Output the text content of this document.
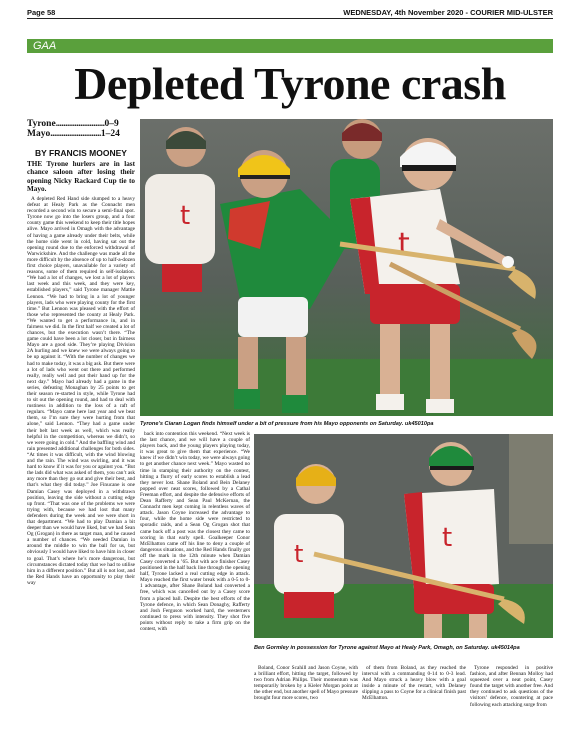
Page 58	WEDNESDAY, 4th November 2020 - COURIER MID-ULSTER
GAA
Depleted Tyrone crash
Tyrone..........................0–9
Mayo...........................1–24
BY FRANCIS MOONEY
THE Tyrone hurlers are in last chance saloon after losing their opening Nicky Rackard Cup tie to Mayo.

A depleted Red Hand side slumped to a heavy defeat at Healy Park as the Connacht men recorded a second win to secure a semi-final spot. Tyrone now go into the losers group, and a four county game this weekend to keep their title hopes alive. Mayo arrived in Omagh with the advantage of having a game already under their belts, while the home side went in cold, having sat out the opening round due to the enforced withdrawal of Warwickshire. And the challenge was made all the more difficult by the absence of up to half-a-dozen first choice players, unavailable for a variety of reasons, some of them required in self-isolation. “We had a lot of changes, we lost a lot of players last week and this week, and they were key, established players,” said Tyrone manager Mattie Lennon. “We had to bring in a lot of younger players, lads who were playing county for the first time.” But Lennon was pleased with the effort of those who represented the county at Healy Park. “We wanted to get a performance in, and in fairness we did. In the first half we created a lot of chances, but the execution wasn’t there. “The game could have been a lot closer, but in fairness Mayo are a good side. They’re playing Division 2A hurling and we knew we were always going to be up against it. “With the number of changes we had to make today, it was a big ask. But there were a lot of lads who went out there and performed really, really well and put their hand up for the next day.” Mayo had already had a game in the series, defeating Monaghan by 25 points to get their season re-started in style, while Tyrone had to sit out the opening round, and had to deal with rustiness in addition to the loss of a raft of regulars. “Mayo came here last year and we beat them, so I’m sure they were hurting from that alone,” said Lennon. “They had a game under their belt last week as well, which was really helpful in the competition, whereas we didn’t, so we were going in cold.” And the baffling wind and rain presented additional challenges for both sides. “At times it was difficult, with the wind blowing and the rain. The wind was swirling, and it was hard to know if it was for you or against you. “But the lads did what was asked of them, you can’t ask any more than they go out and give their best, and that’s what they did today.” Joe Finucane is one Damian Casey was deployed in a withdrawn position, leaving the side without a cutting edge up front. “That was one of the problems we were trying with, because we had lost that many defenders during the week and we were short in that department. “We had to play Damian a bit deeper than we would have liked, but we had Sean Og (Grogan) in there as target man, and he caused a number of chances. “We needed Damian in around the middle to win the ball for us, but obviously I would have liked to have him in closer to goal. That’s where he’s more dangerous, but circumstances dictated today that we had to utilise him in a different position.” But all is not lost, and the Red Hands have an opportunity to play their way

back into contention this weekend. “Next week is the last chance, and we will have a couple of players back, and the young players playing today, it was great to give them that experience. “We knew if we didn’t win today, we were always going to get another chance next week.” Mayo wasted no time in stamping their authority on the contest, hitting a flurry of early scores to establish a lead they never lost. Shane Boland and Bein Delaney popped over neat scores, followed by a Cathal Freeman effort, and despite the defensive efforts of Dean Rafferty and Sean Paul McKernan, the Connacht men kept coming in relentless waves of attack. Jason Coyne increased the advantage to four, while the home side were restricted to sporadic raids, and a Sean Og Grogan shot that came back off a post was the closest they came to scoring in that early spell. Goalkeeper Conor McElhatton came off his line to deny a couple of dangerous situations, and the Red Hands finally got off the mark in the 12th minute when Damian Casey converted a ’65. But with ace finisher Casey positioned in the half back line through the opening half, Tyrone lacked a real cutting edge in attack. Mayo reached the first water break with a 0-5 to 0-1 advantage, after Shane Boland had converted a free, which was cancelled out by a Casey score from a placed ball. Despite the best efforts of the Tyrone defence, in which Sean Donaghy, Rafferty and Josh Ferguson worked hard, the westerners continued to press with intensity. They shot five points without reply to take a firm grip on the contest, with

Boland, Conor Scahill and Jason Coyne, with a brilliant effort, hitting the target, followed by two from Adrian Philips. Their momentum was temporarily broken by a Kieler Morgan point at the other end, but another spell of Mayo pressure brought four more scores, two

of them from Boland, as they reached the interval with a commanding 0-14 to 0-3 lead. And Mayo struck a heavy blow with a goal inside a minute of the restart, with Delaney slipping a pass to Coyne for a clinical finish past McElhatton.

Tyrone responded in positive fashion, and after Bennan Molloy had squeezed over a neat point, Casey found the target with another free. And they continued to ask questions of the visitors’ defence, countering at pace following each attacking surge from

t
t
Tyrone’s Ciaran Logan finds himself under a bit of pressure from his Mayo opponents on Saturday. uk45010pa
t
t
Ben Gormley in possession for Tyrone against Mayo at Healy Park, Omagh, on Saturday. uk45014pa
